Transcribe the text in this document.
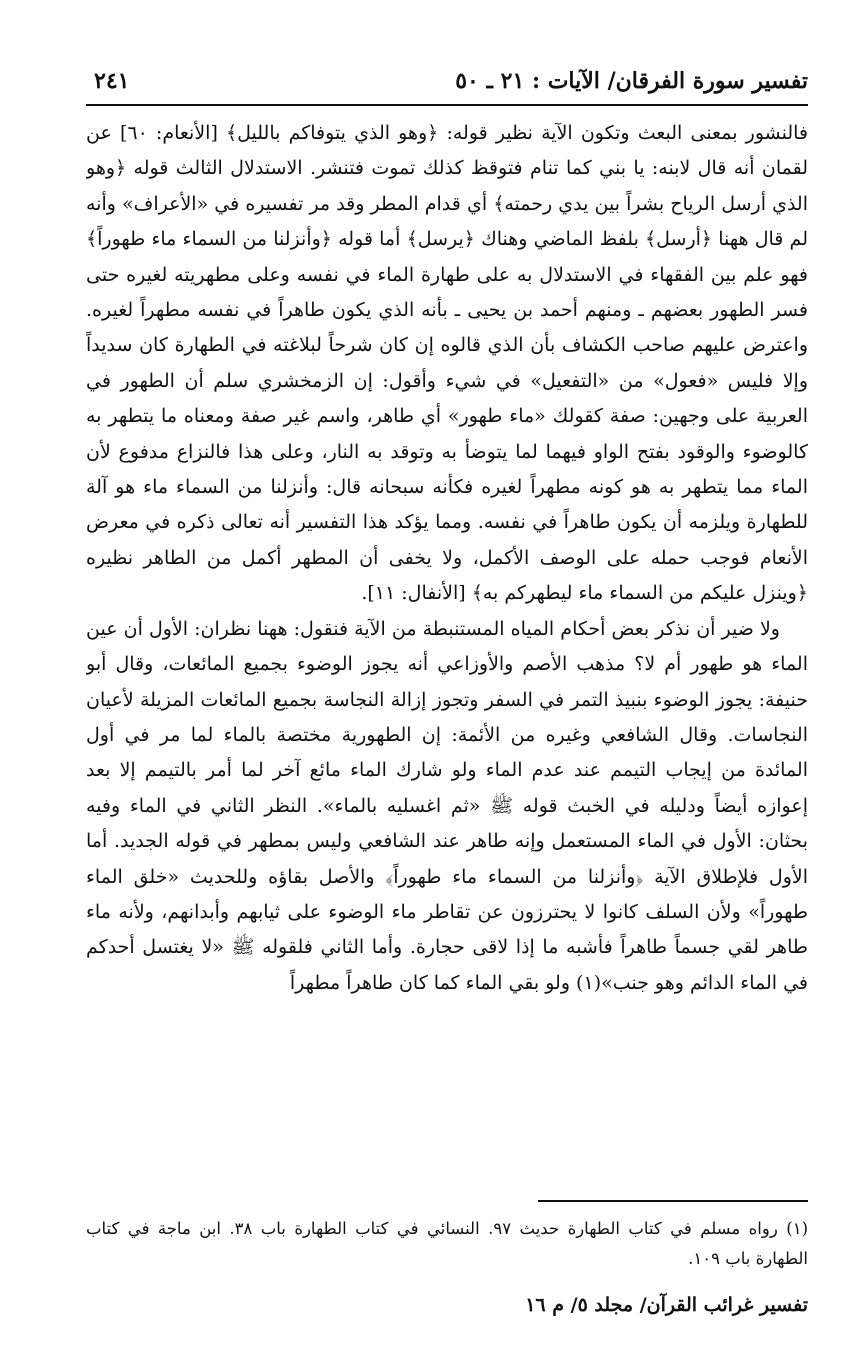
٢٤١	تفسير سورة الفرقان/ الآيات : ٢١ ـ ٥٠

فالنشور بمعنى البعث وتكون الآية نظير قوله: ﴿وهو الذي يتوفاكم بالليل﴾ [الأنعام: ٦٠] عن لقمان أنه قال لابنه: يا بني كما تنام فتوقظ كذلك تموت فتنشر. الاستدلال الثالث قوله ﴿وهو الذي أرسل الرياح بشراً بين يدي رحمته﴾ أي قدام المطر وقد مر تفسيره في «الأعراف» وأنه لم قال ههنا ﴿أرسل﴾ بلفظ الماضي وهناك ﴿يرسل﴾ أما قوله ﴿وأنزلنا من السماء ماء طهوراً﴾ فهو علم بين الفقهاء في الاستدلال به على طهارة الماء في نفسه وعلى مطهريته لغيره حتى فسر الطهور بعضهم ـ ومنهم أحمد بن يحيى ـ بأنه الذي يكون طاهراً في نفسه مطهراً لغيره. واعترض عليهم صاحب الكشاف بأن الذي قالوه إن كان شرحاً لبلاغته في الطهارة كان سديداً وإلا فليس «فعول» من «التفعيل» في شيء وأقول: إن الزمخشري سلم أن الطهور في العربية على وجهين: صفة كقولك «ماء طهور» أي طاهر، واسم غير صفة ومعناه ما يتطهر به كالوضوء والوقود بفتح الواو فيهما لما يتوضأ به وتوقد به النار، وعلى هذا فالنزاع مدفوع لأن الماء مما يتطهر به هو كونه مطهراً لغيره فكأنه سبحانه قال: وأنزلنا من السماء ماء هو آلة للطهارة ويلزمه أن يكون طاهراً في نفسه. ومما يؤكد هذا التفسير أنه تعالى ذكره في معرض الأنعام فوجب حمله على الوصف الأكمل، ولا يخفى أن المطهر أكمل من الطاهر نظيره ﴿وينزل عليكم من السماء ماء ليطهركم به﴾ [الأنفال: ١١].

ولا ضير أن نذكر بعض أحكام المياه المستنبطة من الآية فنقول: ههنا نظران: الأول أن عين الماء هو طهور أم لا؟ مذهب الأصم والأوزاعي أنه يجوز الوضوء بجميع المائعات، وقال أبو حنيفة: يجوز الوضوء بنبيذ التمر في السفر وتجوز إزالة النجاسة بجميع المائعات المزيلة لأعيان النجاسات. وقال الشافعي وغيره من الأئمة: إن الطهورية مختصة بالماء لما مر في أول المائدة من إيجاب التيمم عند عدم الماء ولو شارك الماء مائع آخر لما أمر بالتيمم إلا بعد إعوازه أيضاً ودليله في الخبث قوله ﷺ «ثم اغسليه بالماء». النظر الثاني في الماء وفيه بحثان: الأول في الماء المستعمل وإنه طاهر عند الشافعي وليس بمطهر في قوله الجديد. أما الأول فلإطلاق الآية ﴿وأنزلنا من السماء ماء طهوراً﴾ والأصل بقاؤه وللحديث «خلق الماء طهوراً» ولأن السلف كانوا لا يحترزون عن تقاطر ماء الوضوء على ثيابهم وأبدانهم، ولأنه ماء طاهر لقي جسماً طاهراً فأشبه ما إذا لاقى حجارة. وأما الثاني فلقوله ﷺ «لا يغتسل أحدكم في الماء الدائم وهو جنب»(١) ولو بقي الماء كما كان طاهراً مطهراً

(١) رواه مسلم في كتاب الطهارة حديث ٩٧. النسائي في كتاب الطهارة باب ٣٨. ابن ماجة في كتاب الطهارة باب ١٠٩.
تفسير غرائب القرآن/ مجلد ٥/ م ١٦
